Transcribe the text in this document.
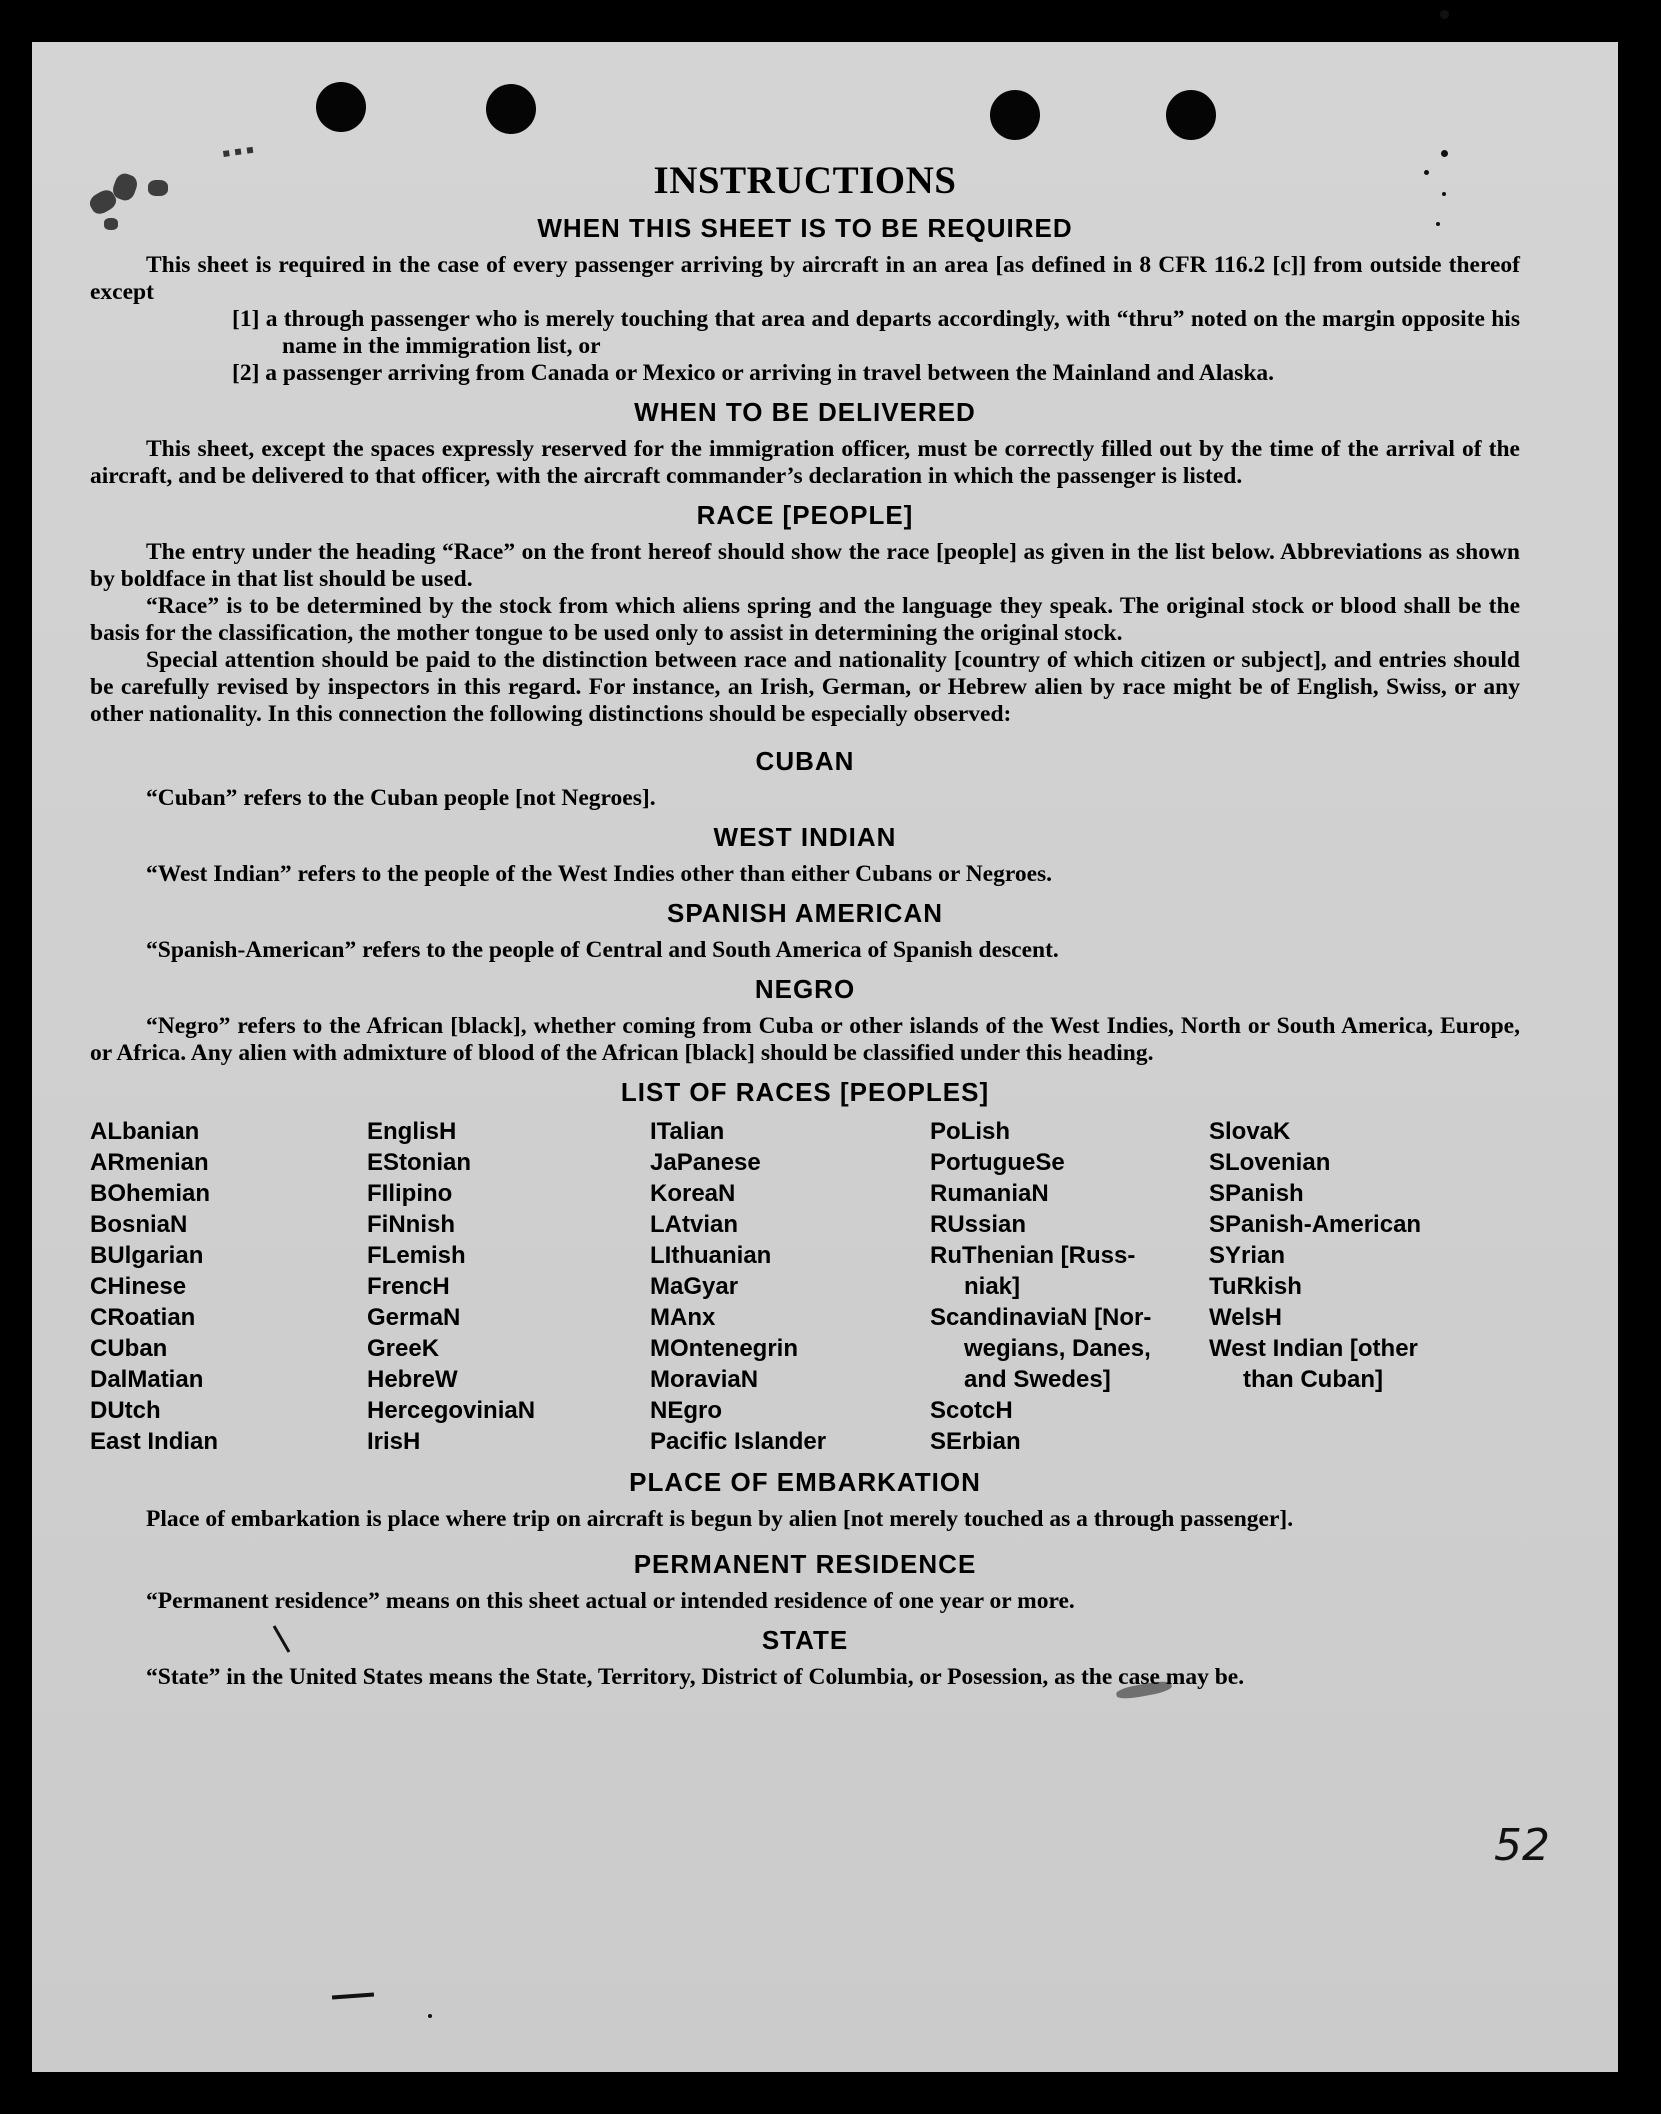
▪ ▪ ▪
52
INSTRUCTIONS
WHEN THIS SHEET IS TO BE REQUIRED

This sheet is required in the case of every passenger arriving by aircraft in an area [as defined in 8 CFR 116.2 [c]] from outside thereof except

[1] a through passenger who is merely touching that area and departs accordingly, with “thru” noted on the margin opposite his name in the immigration list, or

[2] a passenger arriving from Canada or Mexico or arriving in travel between the Mainland and Alaska.

WHEN TO BE DELIVERED

This sheet, except the spaces expressly reserved for the immigration officer, must be correctly filled out by the time of the arrival of the aircraft, and be delivered to that officer, with the aircraft commander’s declaration in which the passenger is listed.

RACE [PEOPLE]

The entry under the heading “Race” on the front hereof should show the race [people] as given in the list below. Abbreviations as shown by boldface in that list should be used.

“Race” is to be determined by the stock from which aliens spring and the language they speak. The original stock or blood shall be the basis for the classification, the mother tongue to be used only to assist in determining the original stock.

Special attention should be paid to the distinction between race and nationality [country of which citizen or subject], and entries should be carefully revised by inspectors in this regard. For instance, an Irish, German, or Hebrew alien by race might be of English, Swiss, or any other nationality. In this connection the following distinctions should be especially observed:

CUBAN

“Cuban” refers to the Cuban people [not Negroes].

WEST INDIAN

“West Indian” refers to the people of the West Indies other than either Cubans or Negroes.

SPANISH AMERICAN

“Spanish-American” refers to the people of Central and South America of Spanish descent.

NEGRO

“Negro” refers to the African [black], whether coming from Cuba or other islands of the West Indies, North or South America, Europe, or Africa. Any alien with admixture of blood of the African [black] should be classified under this heading.

LIST OF RACES [PEOPLES]
ALbanian
ARmenian
BOhemian
BosniaN
BUlgarian
CHinese
CRoatian
CUban
DalMatian
DUtch
East Indian
EnglisH
EStonian
FIlipino
FiNnish
FLemish
FrencH
GermaN
GreeK
HebreW
HercegoviniaN
IrisH
ITalian
JaPanese
KoreaN
LAtvian
LIthuanian
MaGyar
MAnx
MOntenegrin
MoraviaN
NEgro
Pacific Islander
PoLish
PortugueSe
RumaniaN
RUssian
RuThenian [Russ-
niak]
ScandinaviaN [Nor-
wegians, Danes,
and Swedes]
ScotcH
SErbian
SlovaK
SLovenian
SPanish
SPanish-American
SYrian
TuRkish
WelsH
West Indian [other
than Cuban]
PLACE OF EMBARKATION

Place of embarkation is place where trip on aircraft is begun by alien [not merely touched as a through passenger].

PERMANENT RESIDENCE

“Permanent residence” means on this sheet actual or intended residence of one year or more.

STATE

“State” in the United States means the State, Territory, District of Columbia, or Posession, as the case may be.
